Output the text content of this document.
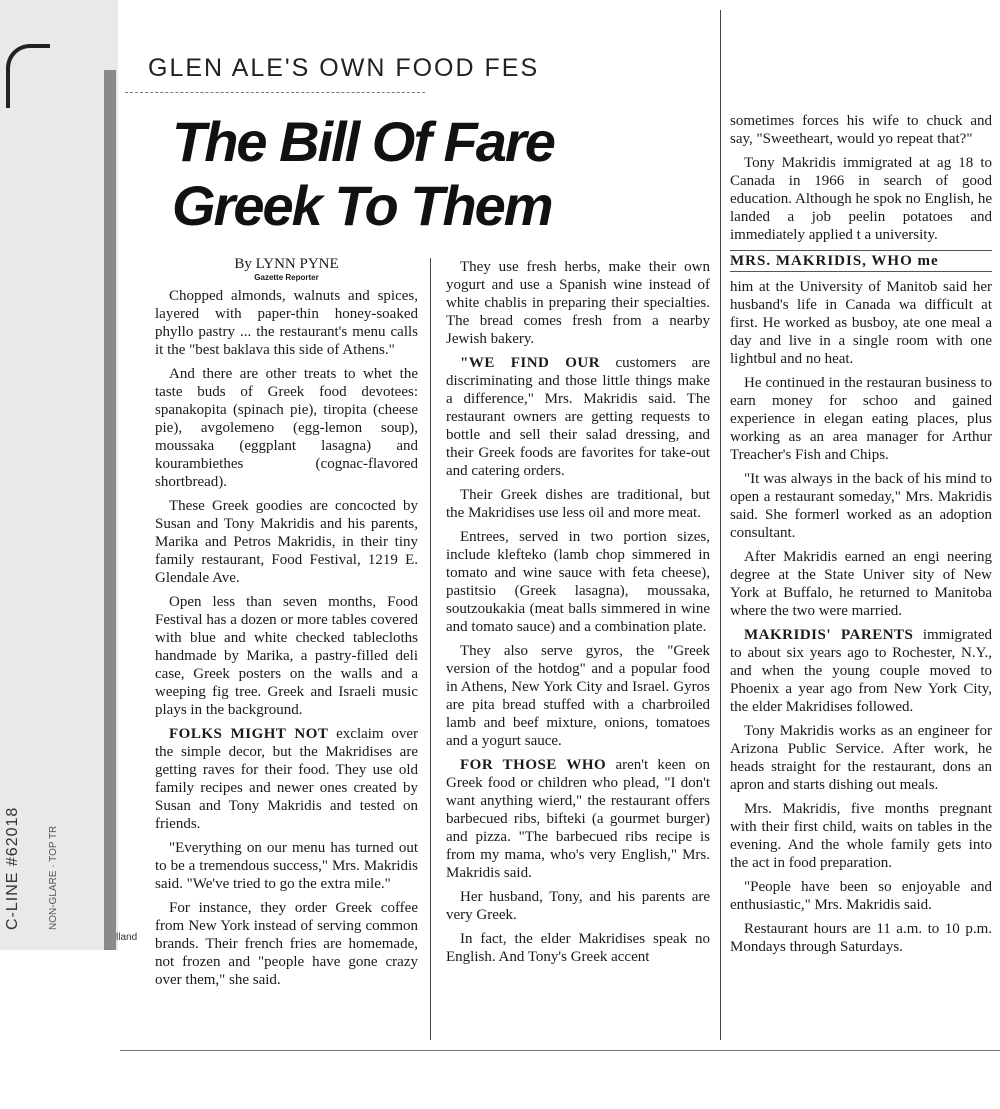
C-LINE #62018	NON-GLARE · TOP TR
lland
GLEN ALE'S OWN FOOD FES
The Bill Of Fare
Greek To Them

By LYNN PYNE

Gazette Reporter

Chopped almonds, walnuts and spices, layered with paper-thin honey-soaked phyllo pastry ... the restaurant's menu calls it the "best baklava this side of Athens."

And there are other treats to whet the taste buds of Greek food devotees: spanakopita (spinach pie), tiropita (cheese pie), avgolemeno (egg-lemon soup), moussaka (eggplant lasagna) and kourambiethes (cognac-flavored shortbread).

These Greek goodies are concocted by Susan and Tony Makridis and his parents, Marika and Petros Makridis, in their tiny family restaurant, Food Festival, 1219 E. Glendale Ave.

Open less than seven months, Food Festival has a dozen or more tables covered with blue and white checked tablecloths handmade by Marika, a pastry-filled deli case, Greek posters on the walls and a weeping fig tree. Greek and Israeli music plays in the background.

FOLKS MIGHT NOT exclaim over the simple decor, but the Makridises are getting raves for their food. They use old family recipes and newer ones created by Susan and Tony Makridis and tested on friends.

"Everything on our menu has turned out to be a tremendous success," Mrs. Makridis said. "We've tried to go the extra mile."

For instance, they order Greek coffee from New York instead of serving common brands. Their french fries are homemade, not frozen and "people have gone crazy over them," she said.

They use fresh herbs, make their own yogurt and use a Spanish wine instead of white chablis in preparing their specialties. The bread comes fresh from a nearby Jewish bakery.

"WE FIND OUR customers are discriminating and those little things make a difference," Mrs. Makridis said. The restaurant owners are getting requests to bottle and sell their salad dressing, and their Greek foods are favorites for take-out and catering orders.

Their Greek dishes are traditional, but the Makridises use less oil and more meat.

Entrees, served in two portion sizes, include klefteko (lamb chop simmered in tomato and wine sauce with feta cheese), pastitsio (Greek lasagna), moussaka, soutzoukakia (meat balls simmered in wine and tomato sauce) and a combination plate.

They also serve gyros, the "Greek version of the hotdog" and a popular food in Athens, New York City and Israel. Gyros are pita bread stuffed with a charbroiled lamb and beef mixture, onions, tomatoes and a yogurt sauce.

FOR THOSE WHO aren't keen on Greek food or children who plead, "I don't want anything wierd," the restaurant offers barbecued ribs, bifteki (a gourmet burger) and pizza. "The barbecued ribs recipe is from my mama, who's very English," Mrs. Makridis said.

Her husband, Tony, and his parents are very Greek.

In fact, the elder Makridises speak no English. And Tony's Greek accent

sometimes forces his wife to chuck and say, "Sweetheart, would yo repeat that?"

Tony Makridis immigrated at ag 18 to Canada in 1966 in search of good education. Although he spok no English, he landed a job peelin potatoes and immediately applied t a university.

MRS. MAKRIDIS, WHO me

him at the University of Manitob said her husband's life in Canada wa difficult at first. He worked as busboy, ate one meal a day and live in a single room with one lightbul and no heat.

He continued in the restauran business to earn money for schoo and gained experience in elegan eating places, plus working as an area manager for Arthur Treacher's Fish and Chips.

"It was always in the back of his mind to open a restaurant someday," Mrs. Makridis said. She formerl worked as an adoption consultant.

After Makridis earned an engi neering degree at the State Univer sity of New York at Buffalo, he returned to Manitoba where the two were married.

MAKRIDIS' PARENTS immigrated to about six years ago to Rochester, N.Y., and when the young couple moved to Phoenix a year ago from New York City, the elder Makridises followed.

Tony Makridis works as an engineer for Arizona Public Service. After work, he heads straight for the restaurant, dons an apron and starts dishing out meals.

Mrs. Makridis, five months pregnant with their first child, waits on tables in the evening. And the whole family gets into the act in food preparation.

"People have been so enjoyable and enthusiastic," Mrs. Makridis said.

Restaurant hours are 11 a.m. to 10 p.m. Mondays through Saturdays.
